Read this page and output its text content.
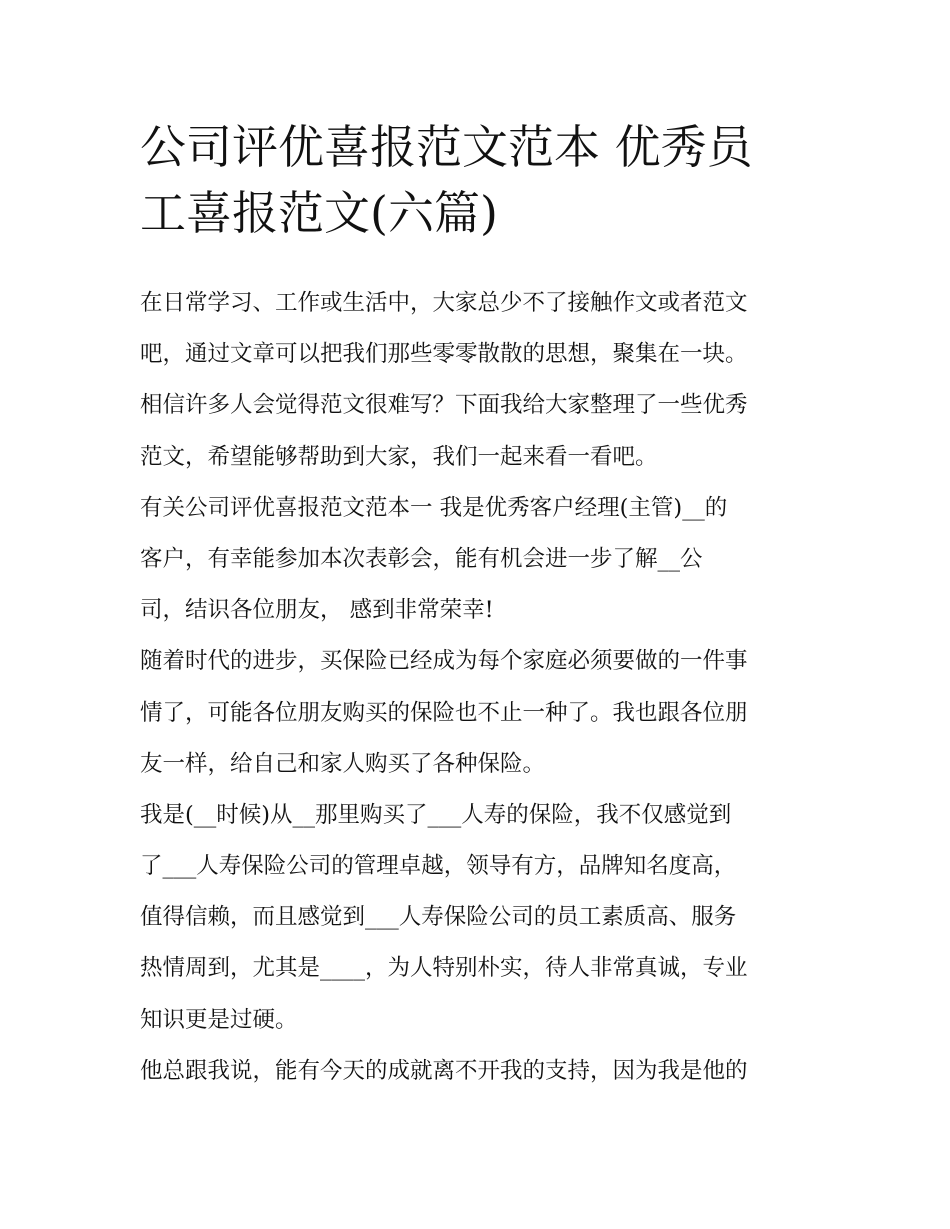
公司评优喜报范文范本 优秀员
工喜报范文(六篇)
在日常学习、工作或生活中，大家总少不了接触作文或者范文
吧，通过文章可以把我们那些零零散散的思想，聚集在一块。
相信许多人会觉得范文很难写？下面我给大家整理了一些优秀
范文，希望能够帮助到大家，我们一起来看一看吧。
有关公司评优喜报范文范本一 我是优秀客户经理(主管)__的
客户，有幸能参加本次表彰会，能有机会进一步了解__公
司，结识各位朋友， 感到非常荣幸!
随着时代的进步，买保险已经成为每个家庭必须要做的一件事
情了，可能各位朋友购买的保险也不止一种了。我也跟各位朋
友一样，给自己和家人购买了各种保险。
我是(__时候)从__那里购买了___人寿的保险，我不仅感觉到
了___人寿保险公司的管理卓越，领导有方，品牌知名度高，
值得信赖，而且感觉到___人寿保险公司的员工素质高、服务
热情周到，尤其是____，为人特别朴实，待人非常真诚，专业
知识更是过硬。
他总跟我说，能有今天的成就离不开我的支持，因为我是他的
